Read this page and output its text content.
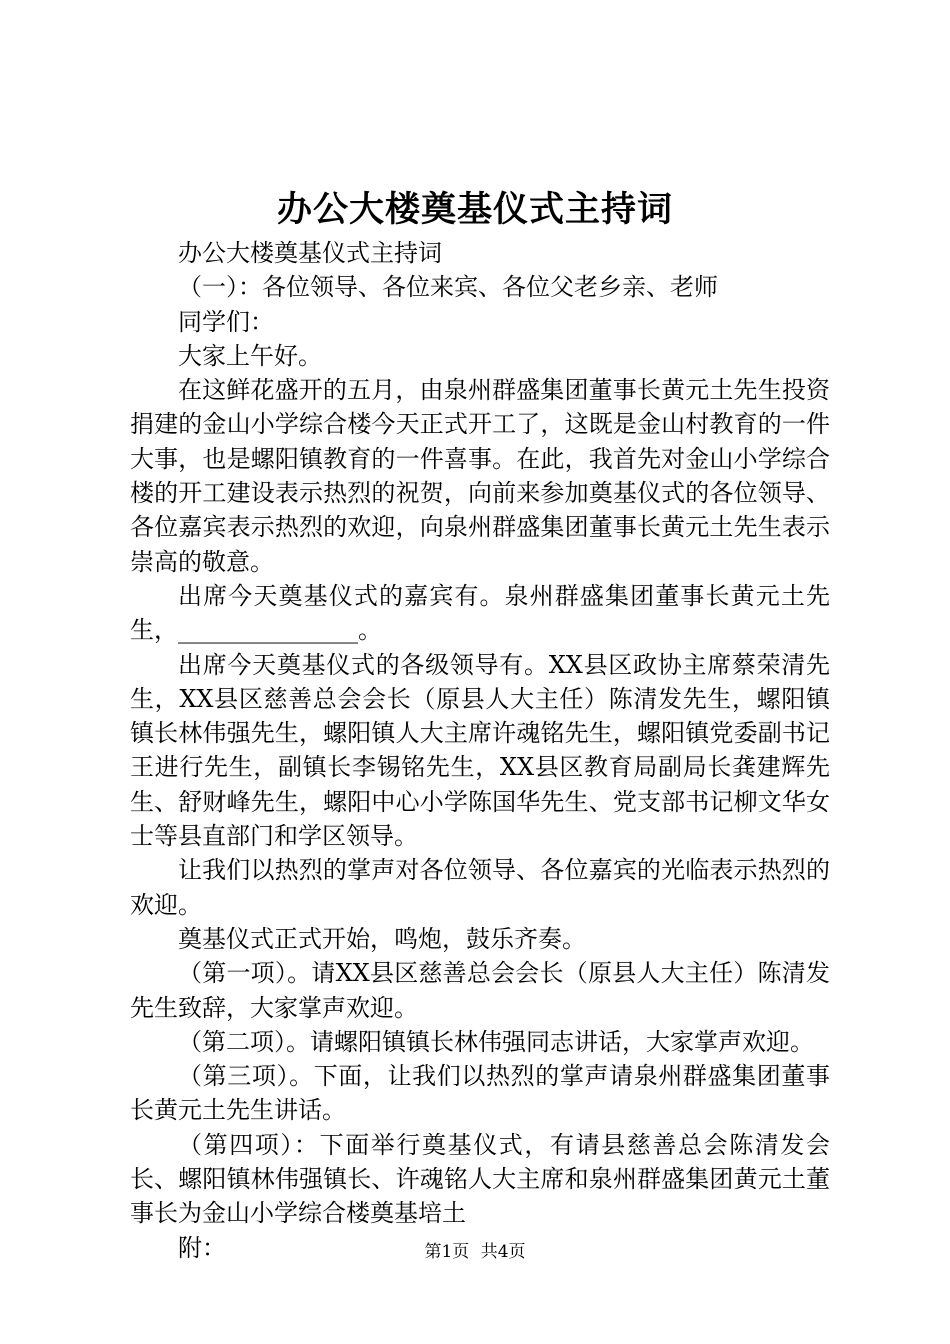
办公大楼奠基仪式主持词

办公大楼奠基仪式主持词

（一）：各位领导、各位来宾、各位父老乡亲、老师

同学们：

大家上午好。

在这鲜花盛开的五月，由泉州群盛集团董事长黄元土先生投资捐建的金山小学综合楼今天正式开工了，这既是金山村教育的一件大事，也是螺阳镇教育的一件喜事。在此，我首先对金山小学综合楼的开工建设表示热烈的祝贺，向前来参加奠基仪式的各位领导、各位嘉宾表示热烈的欢迎，向泉州群盛集团董事长黄元土先生表示崇高的敬意。

出席今天奠基仪式的嘉宾有。泉州群盛集团董事长黄元土先生，_______________。

出席今天奠基仪式的各级领导有。XX县区政协主席蔡荣清先生，XX县区慈善总会会长（原县人大主任）陈清发先生，螺阳镇镇长林伟强先生，螺阳镇人大主席许魂铭先生，螺阳镇党委副书记王进行先生，副镇长李锡铭先生，XX县区教育局副局长龚建辉先生、舒财峰先生，螺阳中心小学陈国华先生、党支部书记柳文华女士等县直部门和学区领导。

让我们以热烈的掌声对各位领导、各位嘉宾的光临表示热烈的欢迎。

奠基仪式正式开始，鸣炮，鼓乐齐奏。

（第一项）。请XX县区慈善总会会长（原县人大主任）陈清发先生致辞，大家掌声欢迎。

（第二项）。请螺阳镇镇长林伟强同志讲话，大家掌声欢迎。

（第三项）。下面，让我们以热烈的掌声请泉州群盛集团董事长黄元土先生讲话。

（第四项）：下面举行奠基仪式，有请县慈善总会陈清发会长、螺阳镇林伟强镇长、许魂铭人大主席和泉州群盛集团黄元土董事长为金山小学综合楼奠基培土

附：	第1页 共4页
